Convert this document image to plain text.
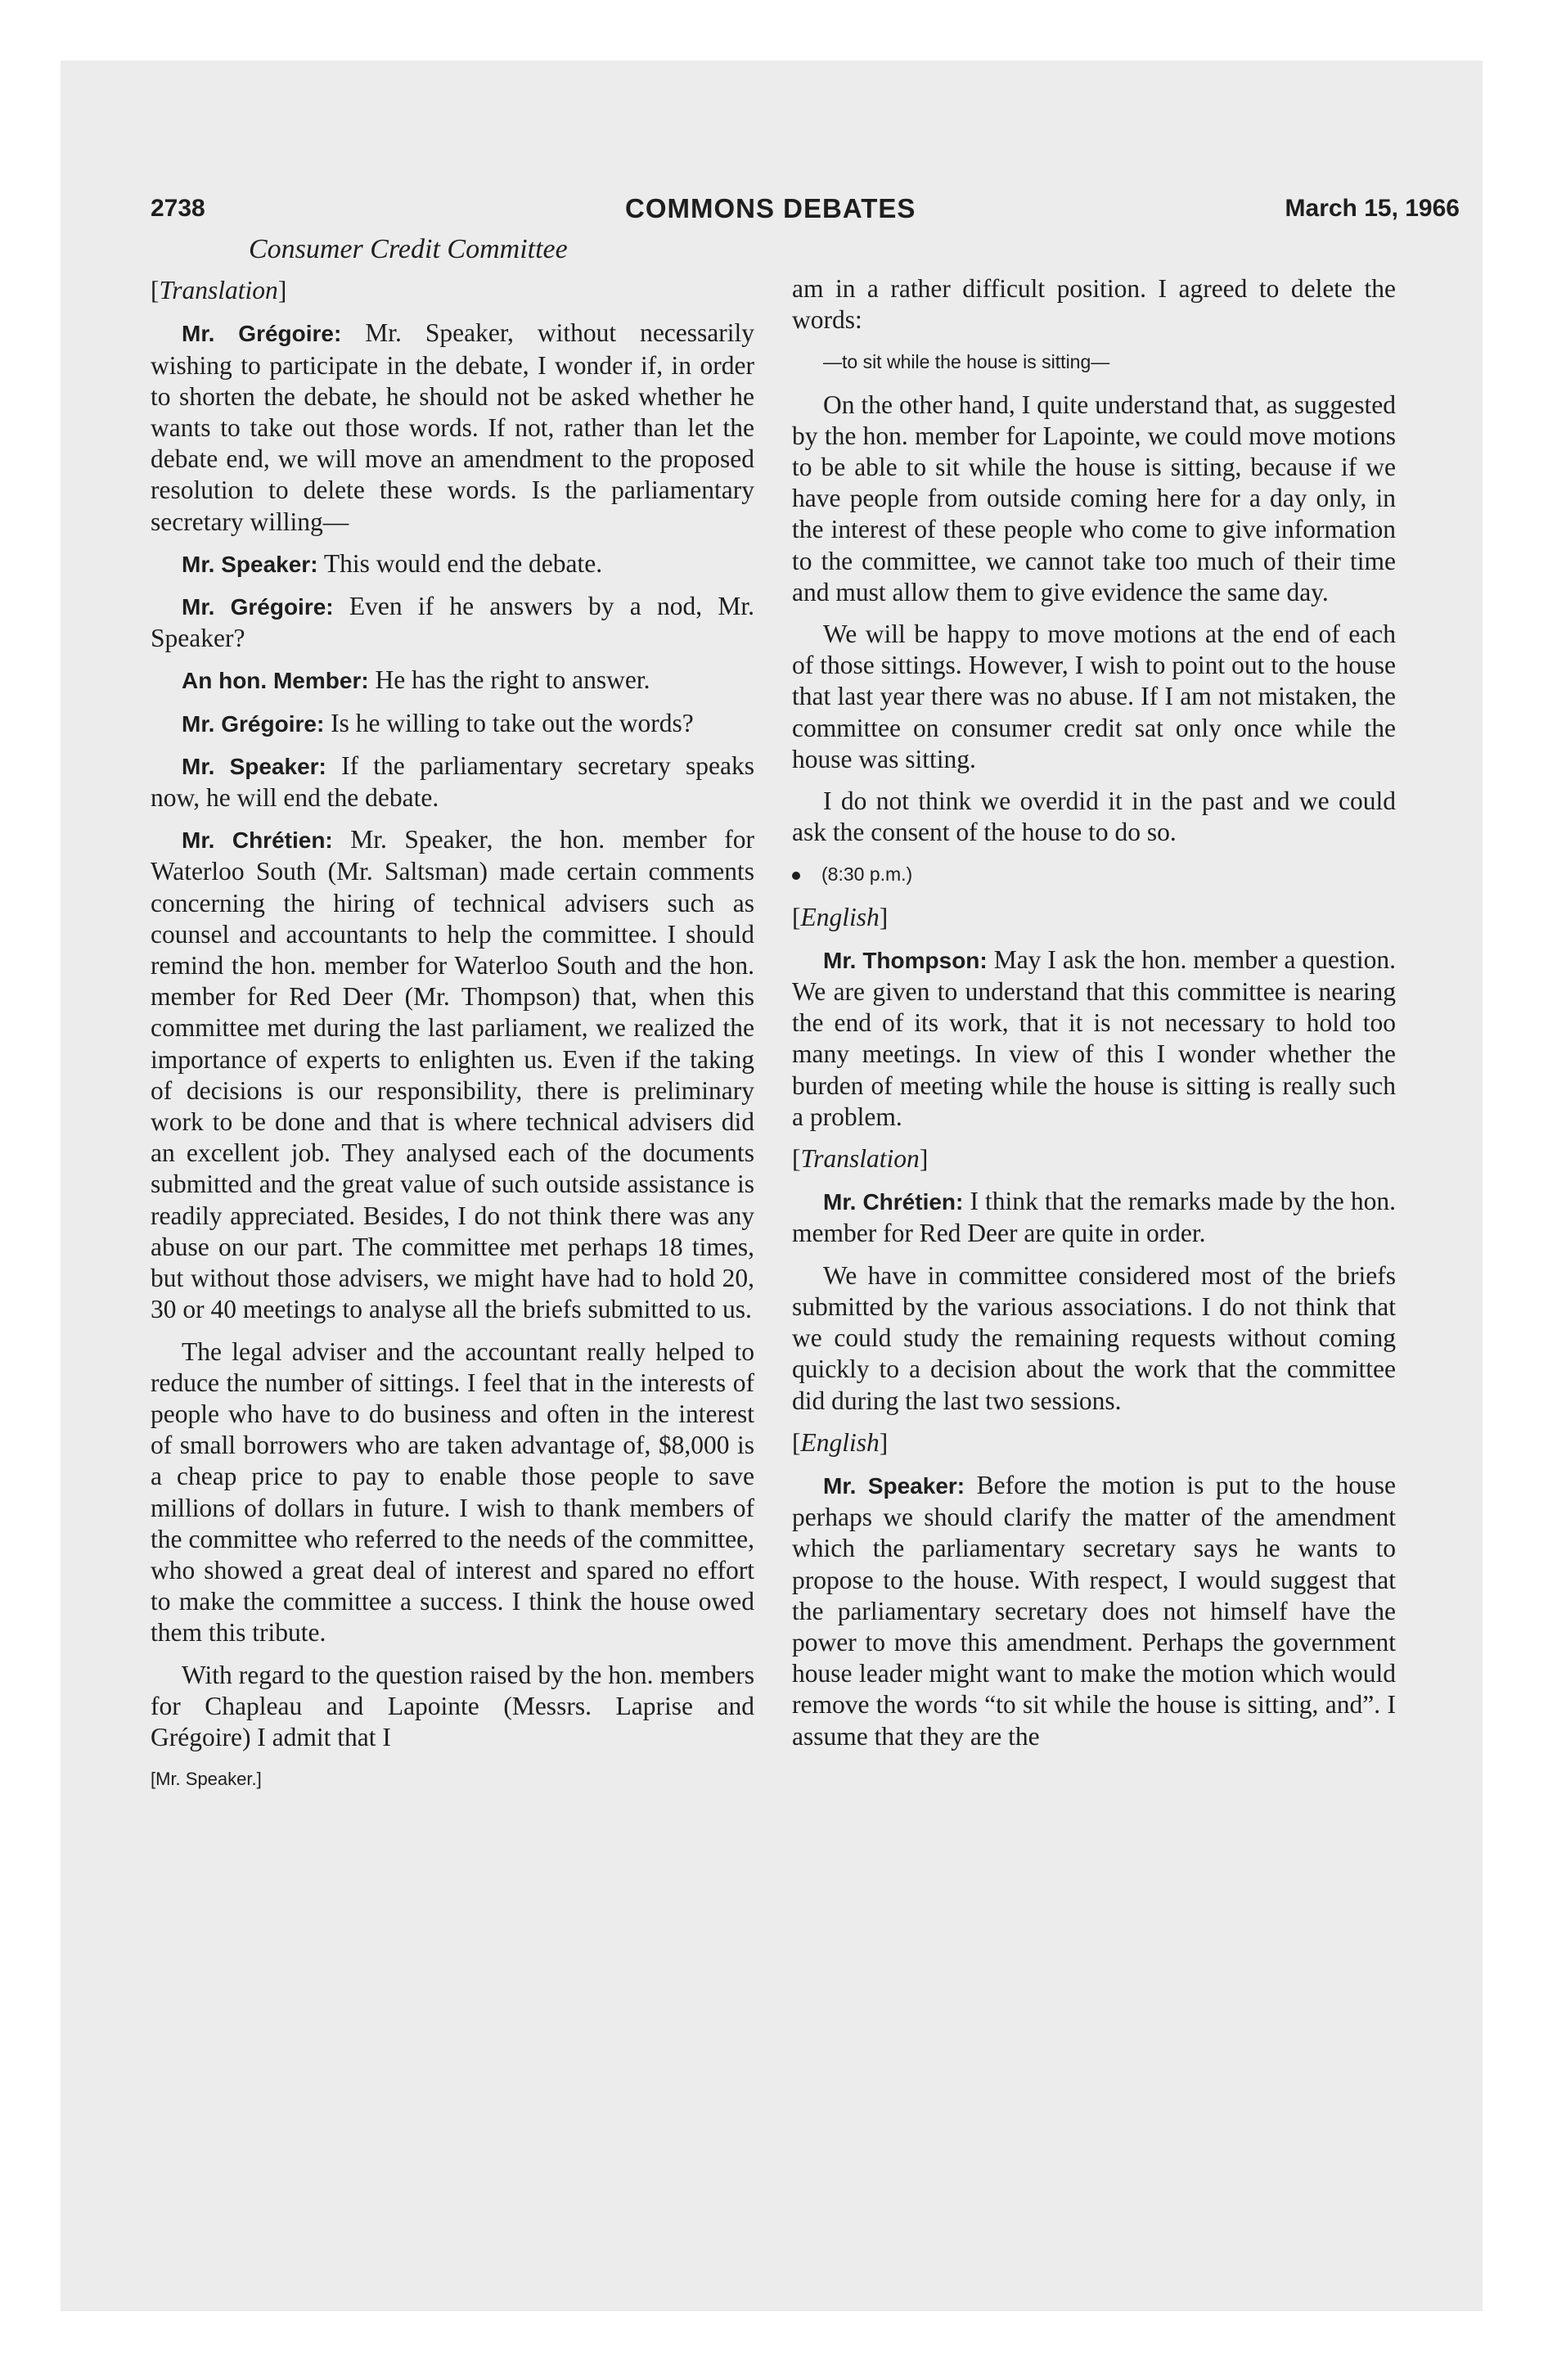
2738	COMMONS DEBATES	March 15, 1966
Consumer Credit Committee
[Translation]

Mr. Grégoire: Mr. Speaker, without necessarily wishing to participate in the debate, I wonder if, in order to shorten the debate, he should not be asked whether he wants to take out those words. If not, rather than let the debate end, we will move an amendment to the proposed resolution to delete these words. Is the parliamentary secretary willing—

Mr. Speaker: This would end the debate.

Mr. Grégoire: Even if he answers by a nod, Mr. Speaker?

An hon. Member: He has the right to answer.

Mr. Grégoire: Is he willing to take out the words?

Mr. Speaker: If the parliamentary secretary speaks now, he will end the debate.

Mr. Chrétien: Mr. Speaker, the hon. member for Waterloo South (Mr. Saltsman) made certain comments concerning the hiring of technical advisers such as counsel and accountants to help the committee. I should remind the hon. member for Waterloo South and the hon. member for Red Deer (Mr. Thompson) that, when this committee met during the last parliament, we realized the importance of experts to enlighten us. Even if the taking of decisions is our responsibility, there is preliminary work to be done and that is where technical advisers did an excellent job. They analysed each of the documents submitted and the great value of such outside assistance is readily appreciated. Besides, I do not think there was any abuse on our part. The committee met perhaps 18 times, but without those advisers, we might have had to hold 20, 30 or 40 meetings to analyse all the briefs submitted to us.

The legal adviser and the accountant really helped to reduce the number of sittings. I feel that in the interests of people who have to do business and often in the interest of small borrowers who are taken advantage of, $8,000 is a cheap price to pay to enable those people to save millions of dollars in future. I wish to thank members of the committee who referred to the needs of the committee, who showed a great deal of interest and spared no effort to make the committee a success. I think the house owed them this tribute.

With regard to the question raised by the hon. members for Chapleau and Lapointe (Messrs. Laprise and Grégoire) I admit that I

[Mr. Speaker.]

am in a rather difficult position. I agreed to delete the words:

—to sit while the house is sitting—

On the other hand, I quite understand that, as suggested by the hon. member for Lapointe, we could move motions to be able to sit while the house is sitting, because if we have people from outside coming here for a day only, in the interest of these people who come to give information to the committee, we cannot take too much of their time and must allow them to give evidence the same day.

We will be happy to move motions at the end of each of those sittings. However, I wish to point out to the house that last year there was no abuse. If I am not mistaken, the committee on consumer credit sat only once while the house was sitting.

I do not think we overdid it in the past and we could ask the consent of the house to do so.

(8:30 p.m.)
[English]

Mr. Thompson: May I ask the hon. member a question. We are given to understand that this committee is nearing the end of its work, that it is not necessary to hold too many meetings. In view of this I wonder whether the burden of meeting while the house is sitting is really such a problem.

[Translation]

Mr. Chrétien: I think that the remarks made by the hon. member for Red Deer are quite in order.

We have in committee considered most of the briefs submitted by the various associations. I do not think that we could study the remaining requests without coming quickly to a decision about the work that the committee did during the last two sessions.

[English]

Mr. Speaker: Before the motion is put to the house perhaps we should clarify the matter of the amendment which the parliamentary secretary says he wants to propose to the house. With respect, I would suggest that the parliamentary secretary does not himself have the power to move this amendment. Perhaps the government house leader might want to make the motion which would remove the words “to sit while the house is sitting, and”. I assume that they are the
